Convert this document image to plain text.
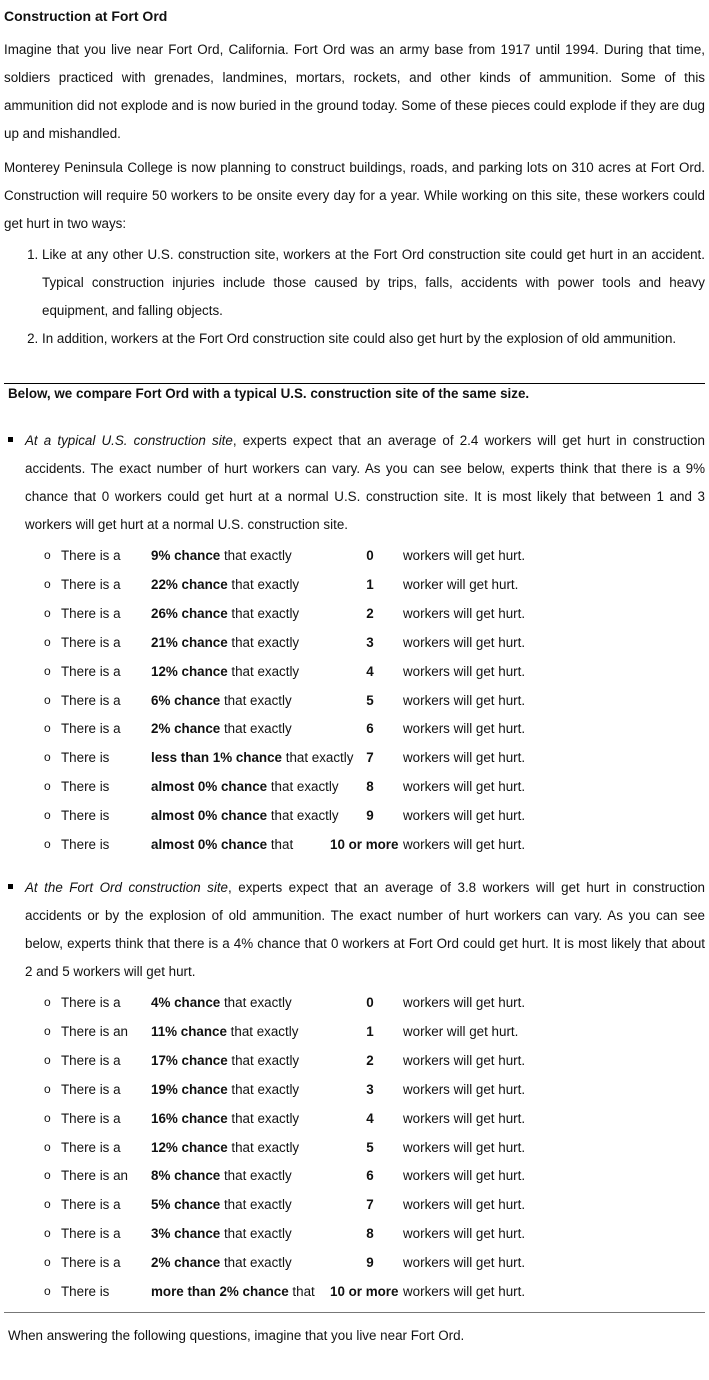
Construction at Fort Ord

Imagine that you live near Fort Ord, California. Fort Ord was an army base from 1917 until 1994. During that time, soldiers practiced with grenades, landmines, mortars, rockets, and other kinds of ammunition. Some of this ammunition did not explode and is now buried in the ground today. Some of these pieces could explode if they are dug up and mishandled.

Monterey Peninsula College is now planning to construct buildings, roads, and parking lots on 310 acres at Fort Ord. Construction will require 50 workers to be onsite every day for a year. While working on this site, these workers could get hurt in two ways:

1. Like at any other U.S. construction site, workers at the Fort Ord construction site could get hurt in an accident. Typical construction injuries include those caused by trips, falls, accidents with power tools and heavy equipment, and falling objects.
2. In addition, workers at the Fort Ord construction site could also get hurt by the explosion of old ammunition.
Below, we compare Fort Ord with a typical U.S. construction site of the same size.

At a typical U.S. construction site, experts expect that an average of 2.4 workers will get hurt in construction accidents. The exact number of hurt workers can vary. As you can see below, experts think that there is a 9% chance that 0 workers could get hurt at a normal U.S. construction site. It is most likely that between 1 and 3 workers will get hurt at a normal U.S. construction site.

o There is a 9% chance that exactly	0	workers will get hurt.
o There is a 22% chance that exactly	1	worker will get hurt.
o There is a 26% chance that exactly	2	workers will get hurt.
o There is a 21% chance that exactly	3	workers will get hurt.
o There is a 12% chance that exactly	4	workers will get hurt.
o There is a 6% chance that exactly	5	workers will get hurt.
o There is a 2% chance that exactly	6	workers will get hurt.
o There is	less than 1% chance that exactly 7	workers will get hurt.
o There is	almost 0% chance that exactly	8	workers will get hurt.
o There is	almost 0% chance that exactly	9	workers will get hurt.
o There is	almost 0% chance that	10 or more workers will get hurt.

At the Fort Ord construction site, experts expect that an average of 3.8 workers will get hurt in construction accidents or by the explosion of old ammunition. The exact number of hurt workers can vary. As you can see below, experts think that there is a 4% chance that 0 workers at Fort Ord could get hurt. It is most likely that about 2 and 5 workers will get hurt.

o There is a 4% chance that exactly	0	workers will get hurt.
o There is an 11% chance that exactly	1	worker will get hurt.
o There is a 17% chance that exactly	2	workers will get hurt.
o There is a 19% chance that exactly	3	workers will get hurt.
o There is a 16% chance that exactly	4	workers will get hurt.
o There is a 12% chance that exactly	5	workers will get hurt.
o There is an 8% chance that exactly	6	workers will get hurt.
o There is a 5% chance that exactly	7	workers will get hurt.
o There is a 3% chance that exactly	8	workers will get hurt.
o There is a 2% chance that exactly	9	workers will get hurt.
o There is	more than 2% chance that 10 or more workers will get hurt.
When answering the following questions, imagine that you live near Fort Ord.
